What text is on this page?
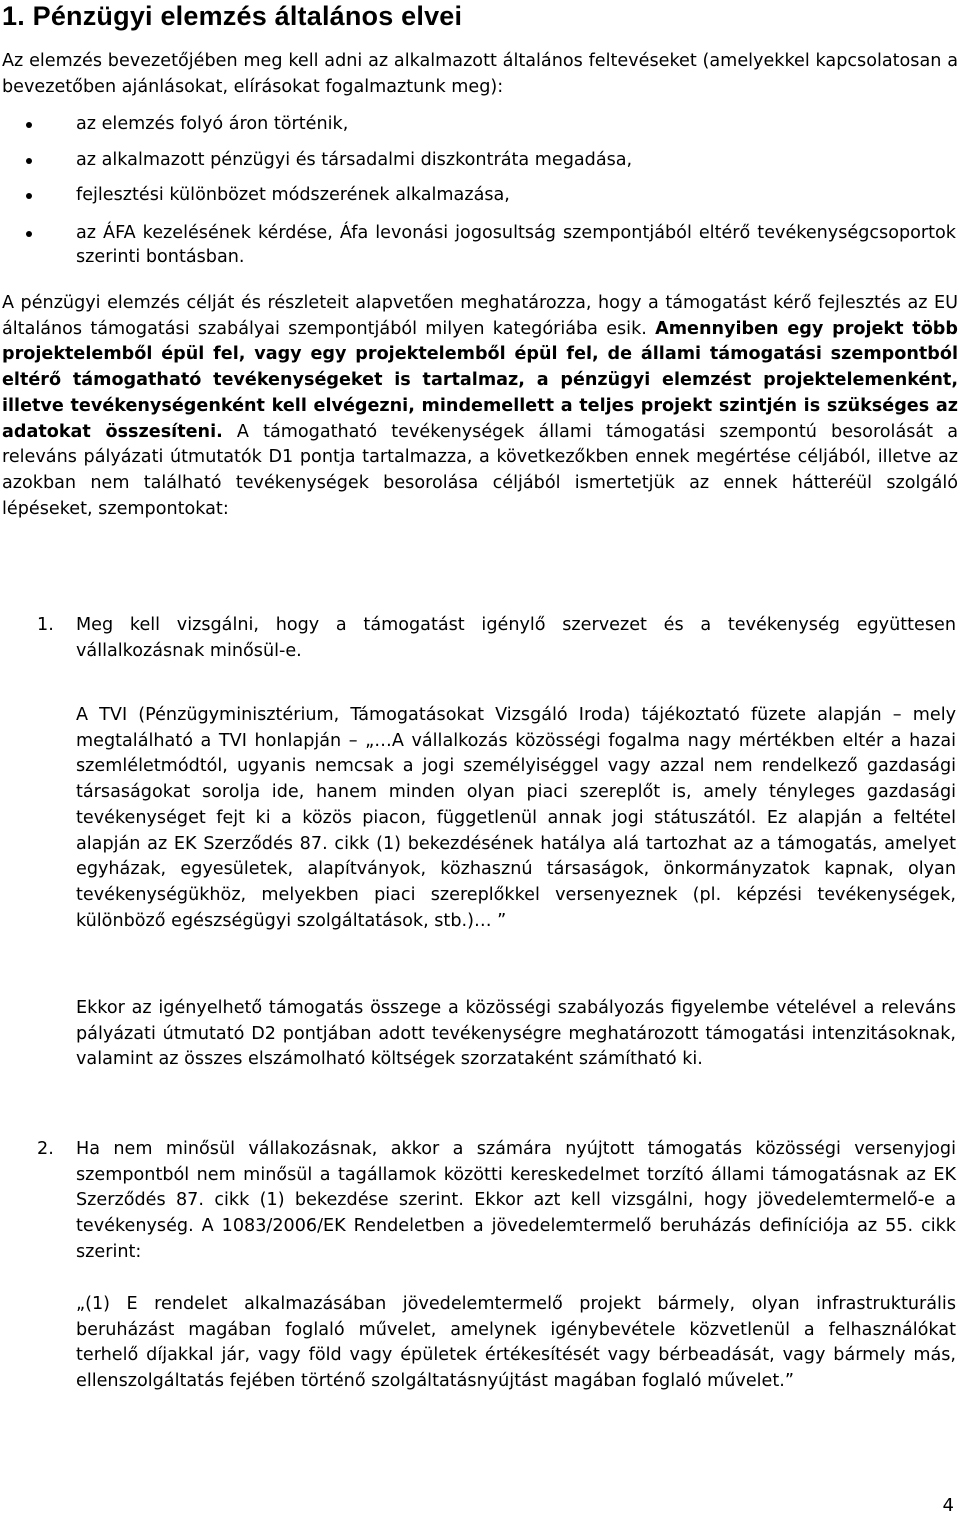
1. Pénzügyi elemzés általános elvei

Az elemzés bevezetőjében meg kell adni az alkalmazott általános feltevéseket (amelyekkel kapcsolatosan a bevezetőben ajánlásokat, elírásokat fogalmaztunk meg):

az elemzés folyó áron történik,
az alkalmazott pénzügyi és társadalmi diszkontráta megadása,
fejlesztési különbözet módszerének alkalmazása,
az ÁFA kezelésének kérdése, Áfa levonási jogosultság szempontjából eltérő tevékenységcsoportok szerinti bontásban.

A pénzügyi elemzés célját és részleteit alapvetően meghatározza, hogy a támogatást kérő fejlesztés az EU általános támogatási szabályai szempontjából milyen kategóriába esik. Amennyiben egy projekt több projektelemből épül fel, vagy egy projektelemből épül fel, de állami támogatási szempontból eltérő támogatható tevékenységeket is tartalmaz, a pénzügyi elemzést projektelemenként, illetve tevékenységenként kell elvégezni, mindemellett a teljes projekt szintjén is szükséges az adatokat összesíteni. A támogatható tevékenységek állami támogatási szempontú besorolását a releváns pályázati útmutatók D1 pontja tartalmazza, a következőkben ennek megértése céljából, illetve az azokban nem található tevékenységek besorolása céljából ismertetjük az ennek hátteréül szolgáló lépéseket, szempontokat:

1. Meg kell vizsgálni, hogy a támogatást igénylő szervezet és a tevékenység együttesen vállalkozásnak minősül-e.

A TVI (Pénzügyminisztérium, Támogatásokat Vizsgáló Iroda) tájékoztató füzete alapján – mely megtalálható a TVI honlapján – „…A vállalkozás közösségi fogalma nagy mértékben eltér a hazai szemléletmódtól, ugyanis nemcsak a jogi személyiséggel vagy azzal nem rendelkező gazdasági társaságokat sorolja ide, hanem minden olyan piaci szereplőt is, amely tényleges gazdasági tevékenységet fejt ki a közös piacon, függetlenül annak jogi státuszától. Ez alapján a feltétel alapján az EK Szerződés 87. cikk (1) bekezdésének hatálya alá tartozhat az a támogatás, amelyet egyházak, egyesületek, alapítványok, közhasznú társaságok, önkormányzatok kapnak, olyan tevékenységükhöz, melyekben piaci szereplőkkel versenyeznek (pl. képzési tevékenységek, különböző egészségügyi szolgáltatások, stb.)… ”

Ekkor az igényelhető támogatás összege a közösségi szabályozás figyelembe vételével a releváns pályázati útmutató D2 pontjában adott tevékenységre meghatározott támogatási intenzitásoknak, valamint az összes elszámolható költségek szorzataként számítható ki.

2. Ha nem minősül vállakozásnak, akkor a számára nyújtott támogatás közösségi versenyjogi szempontból nem minősül a tagállamok közötti kereskedelmet torzító állami támogatásnak az EK Szerződés 87. cikk (1) bekezdése szerint. Ekkor azt kell vizsgálni, hogy jövedelemtermelő-e a tevékenység. A 1083/2006/EK Rendeletben a jövedelemtermelő beruházás definíciója az 55. cikk szerint:

„(1) E rendelet alkalmazásában jövedelemtermelő projekt bármely, olyan infrastrukturális beruházást magában foglaló művelet, amelynek igénybevétele közvetlenül a felhasználókat terhelő díjakkal jár, vagy föld vagy épületek értékesítését vagy bérbeadását, vagy bármely más, ellenszolgáltatás fejében történő szolgáltatásnyújtást magában foglaló művelet.”

4
